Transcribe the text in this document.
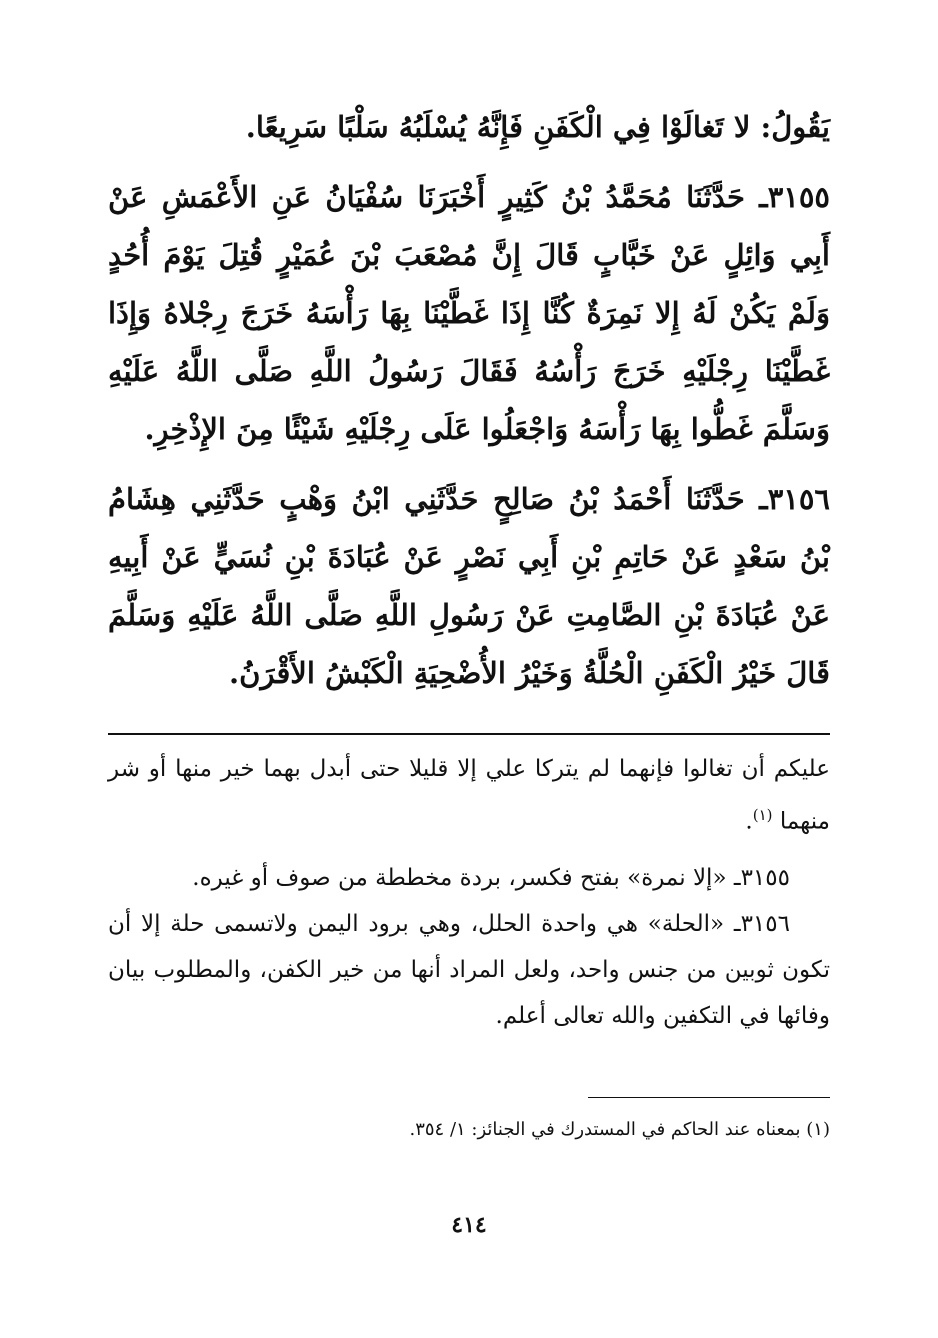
يَقُولُ: لا تَغالَوْا فِي الْكَفَنِ فَإِنَّهُ يُسْلَبُهُ سَلْبًا سَرِيعًا.

٣١٥٥ـ حَدَّثَنَا مُحَمَّدُ بْنُ كَثِيرٍ أَخْبَرَنَا سُفْيَانُ عَنِ الأَعْمَشِ عَنْ أَبِي وَائِلٍ عَنْ خَبَّابٍ قَالَ إِنَّ مُصْعَبَ بْنَ عُمَيْرٍ قُتِلَ يَوْمَ أُحُدٍ وَلَمْ يَكُنْ لَهُ إِلا نَمِرَةٌ كُنَّا إِذَا غَطَّيْنَا بِهَا رَأْسَهُ خَرَجَ رِجْلاهُ وَإِذَا غَطَّيْنَا رِجْلَيْهِ خَرَجَ رَأْسُهُ فَقَالَ رَسُولُ اللَّهِ صَلَّى اللَّهُ عَلَيْهِ وَسَلَّمَ غَطُّوا بِهَا رَأْسَهُ وَاجْعَلُوا عَلَى رِجْلَيْهِ شَيْئًا مِنَ الإِذْخِرِ.

٣١٥٦ـ حَدَّثَنَا أَحْمَدُ بْنُ صَالِحٍ حَدَّثَنِي ابْنُ وَهْبٍ حَدَّثَنِي هِشَامُ بْنُ سَعْدٍ عَنْ حَاتِمِ بْنِ أَبِي نَصْرٍ عَنْ عُبَادَةَ بْنِ نُسَيٍّ عَنْ أَبِيهِ عَنْ عُبَادَةَ بْنِ الصَّامِتِ عَنْ رَسُولِ اللَّهِ صَلَّى اللَّهُ عَلَيْهِ وَسَلَّمَ قَالَ خَيْرُ الْكَفَنِ الْحُلَّةُ وَخَيْرُ الأُضْحِيَةِ الْكَبْشُ الأَقْرَنُ.

عليكم أن تغالوا فإنهما لم يتركا علي إلا قليلا حتى أبدل بهما خير منها أو شر منهما $^{(١)}$.

٣١٥٥ـ «إلا نمرة» بفتح فكسر، بردة مخططة من صوف أو غيره.

٣١٥٦ـ «الحلة» هي واحدة الحلل، وهي برود اليمن ولاتسمى حلة إلا أن تكون ثوبين من جنس واحد، ولعل المراد أنها من خير الكفن، والمطلوب بيان وفائها في التكفين والله تعالى أعلم.

(١) بمعناه عند الحاكم في المستدرك في الجنائز: ١/ ٣٥٤.
٤١٤
